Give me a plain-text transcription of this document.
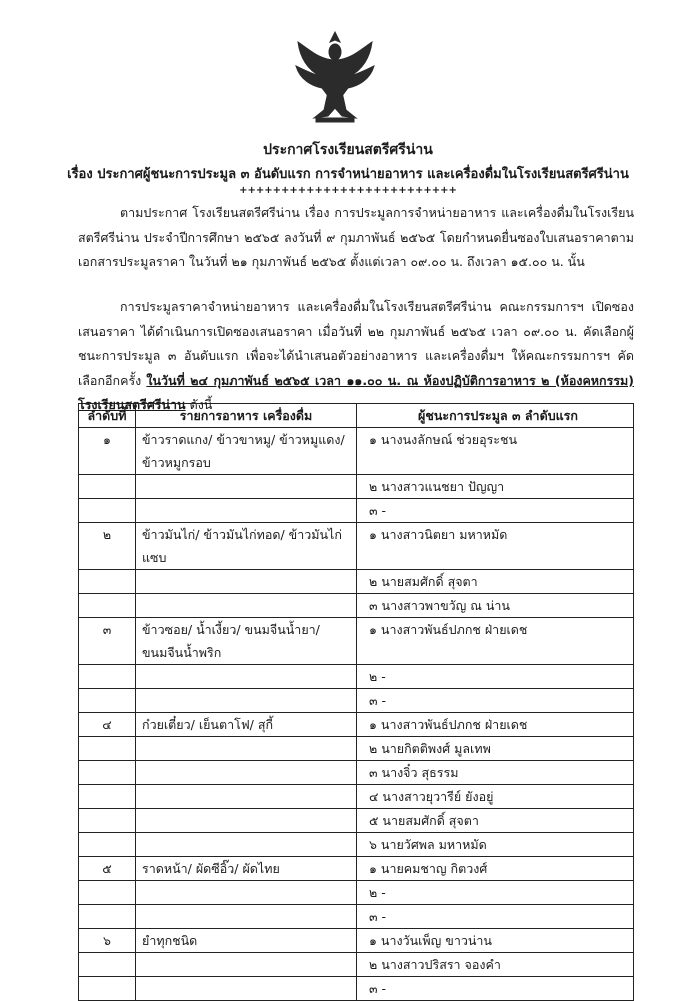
ประกาศโรงเรียนสตรีศรีน่าน
เรื่อง ประกาศผู้ชนะการประมูล ๓ อันดับแรก การจำหน่ายอาหาร และเครื่องดื่มในโรงเรียนสตรีศรีน่าน
++++++++++++++++++++++++++
ตามประกาศ โรงเรียนสตรีศรีน่าน เรื่อง การประมูลการจำหน่ายอาหาร และเครื่องดื่มในโรงเรียนสตรีศรีน่าน ประจำปีการศึกษา ๒๕๖๕ ลงวันที่ ๙ กุมภาพันธ์ ๒๕๖๕ โดยกำหนดยื่นซองใบเสนอราคาตามเอกสารประมูลราคา ในวันที่ ๒๑ กุมภาพันธ์ ๒๕๖๕ ตั้งแต่เวลา ๐๙.๐๐ น. ถึงเวลา ๑๕.๐๐ น. นั้น
การประมูลราคาจำหน่ายอาหาร และเครื่องดื่มในโรงเรียนสตรีศรีน่าน คณะกรรมการฯ เปิดซองเสนอราคา ได้ดำเนินการเปิดซองเสนอราคา เมื่อวันที่ ๒๒ กุมภาพันธ์ ๒๕๖๕ เวลา ๐๙.๐๐ น. คัดเลือกผู้ชนะการประมูล ๓ อันดับแรก เพื่อจะได้นำเสนอตัวอย่างอาหาร และเครื่องดื่มฯ ให้คณะกรรมการฯ คัดเลือกอีกครั้ง ในวันที่ ๒๔ กุมภาพันธ์ ๒๕๖๕ เวลา ๑๑.๐๐ น. ณ ห้องปฏิบัติการอาหาร ๒ (ห้องคหกรรม) โรงเรียนสตรีศรีน่าน ดังนี้
ลำดับที่	รายการอาหาร เครื่องดื่ม	ผู้ชนะการประมูล ๓ ลำดับแรก
๑	ข้าวราดแกง/ ข้าวขาหมู/ ข้าวหมูแดง/ ข้าวหมูกรอบ	๑ นางนงลักษณ์ ช่วยอุระชน
		๒ นางสาวแนชยา ปัญญา
		๓ -
๒	ข้าวมันไก่/ ข้าวมันไก่ทอด/ ข้าวมันไก่แซบ	๑ นางสาวนิตยา มหาหมัด
		๒ นายสมศักดิ์ สุจตา
		๓ นางสาวพาขวัญ ณ น่าน
๓	ข้าวซอย/ น้ำเงี้ยว/ ขนมจีนน้ำยา/ ขนมจีนน้ำพริก	๑ นางสาวพันธ์ปภกช ฝ่ายเดช
		๒ -
		๓ -
๔	ก๋วยเตี๋ยว/ เย็นตาโฟ/ สุกี้	๑ นางสาวพันธ์ปภกช ฝ่ายเดช
		๒ นายกิตติพงศ์ มูลเทพ
		๓ นางจิ๋ว สุธรรม
		๔ นางสาวยุวารีย์ ยังอยู่
		๕ นายสมศักดิ์ สุจตา
		๖ นายวัศพล มหาหมัด
๕	ราดหน้า/ ผัดซีอิ๊ว/ ผัดไทย	๑ นายคมชาญ กิตวงศ์
		๒ -
		๓ -
๖	ยำทุกชนิด	๑ นางวันเพ็ญ ขาวน่าน
		๒ นางสาวปริสรา จองคำ
		๓ -
